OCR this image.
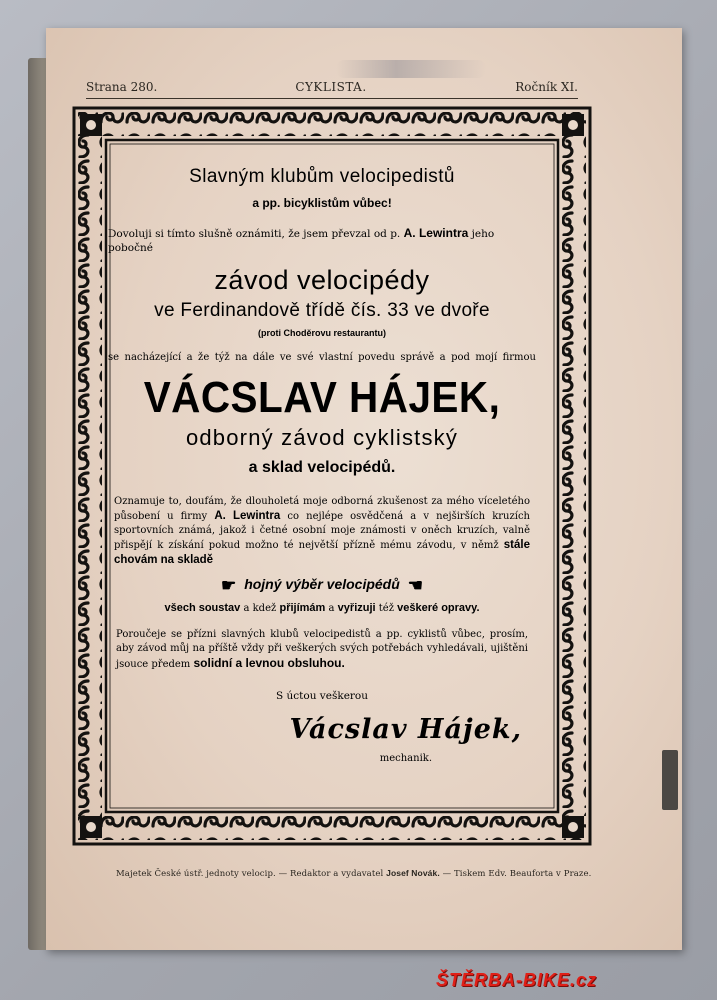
Strana 280.	CYKLISTA.	Ročník XI.
Slavným klubům velocipedistů
a pp. bicyklistům vůbec!
Dovoluji si tímto slušně oznámiti, že jsem převzal od p. A. Lewintra jeho pobočné
závod velocipédy
ve Ferdinandově třídě čís. 33 ve dvoře
(proti Choděrovu restaurantu)
se nacházející a že týž na dále ve své vlastní povedu správě a pod mojí firmou
VÁCSLAV HÁJEK,
odborný závod cyklistský
a sklad velocipédů.
Oznamuje to, doufám, že dlouholetá moje odborná zkušenost za mého víceletého působení u firmy A. Lewintra co nejlépe osvědčená a v nejširších kruzích sportovních známá, jakož i četné osobní moje známosti v oněch kruzích, valně přispějí k získání pokud možno té největší přízně mému závodu, v němž stále chovám na skladě
☛ hojný výběr velocipédů ☚
všech soustav a kdež přijímám a vyřizuji též veškeré opravy.
Poroučeje se přízni slavných klubů velocipedistů a pp. cyklistů vůbec, prosím, aby závod můj na příště vždy při veškerých svých potřebách vyhledávali, ujištěni jsouce předem solidní a levnou obsluhou.
S úctou veškerou
Vácslav Hájek,
mechanik.
Majetek České ústř. jednoty velocip. — Redaktor a vydavatel Josef Novák. — Tiskem Edv. Beaufortа v Praze.
ŠTĚRBA-BIKE.cz
